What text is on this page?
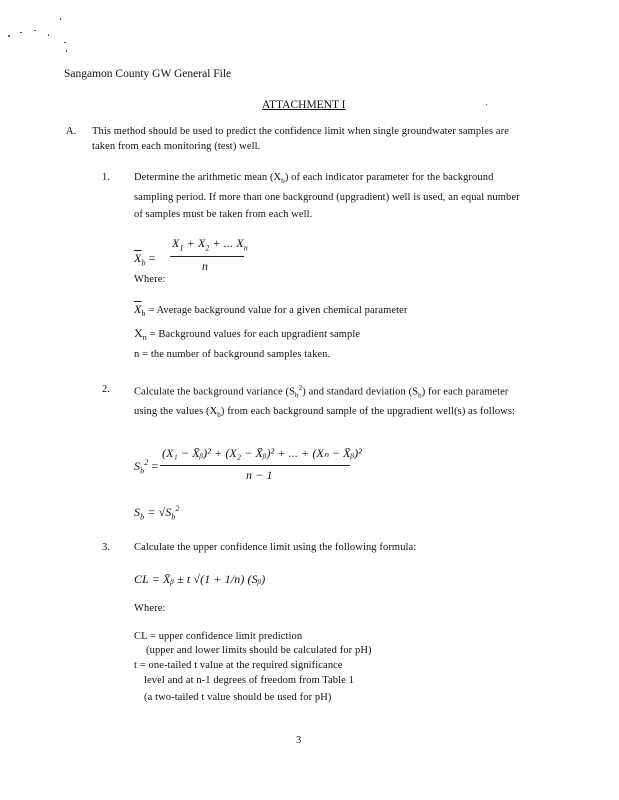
Sangamon County GW General File
ATTACHMENT I
A. This method should be used to predict the confidence limit when single groundwater samples are
taken from each monitoring (test) well.
1. Determine the arithmetic mean $(X_b)$ of each indicator parameter for the background
sampling period. If more than one background (upgradient) well is used, an equal number
of samples must be taken from each well.
$\overline{X}_b$ =
$X_1 + X_2$ + ... $X_n$
n
Where:
$\overline{X}_b$ = Average background value for a given chemical parameter
$X_n$ = Background values for each upgradient sample
n = the number of background samples taken.
2. Calculate the background variance $(S_b^2)$ and standard deviation $(S_b)$ for each parameter
using the values $(X_b)$ from each background sample of the upgradient well(s) as follows:
$S_b^2$ =
(X₁ − X̄ᵦ)² + (X₂ − X̄ᵦ)² + ... + (Xₙ − X̄ᵦ)²
n − 1
$S_b = √S_b^2$
3. Calculate the upper confidence limit using the following formula:
CL = X̄ᵦ ± t √(1 + 1/n) (Sᵦ)
Where:
CL = upper confidence limit prediction
(upper and lower limits should be calculated for pH)
t = one-tailed t value at the required significance
level and at n-1 degrees of freedom from Table 1
(a two-tailed t value should be used for pH)
3
